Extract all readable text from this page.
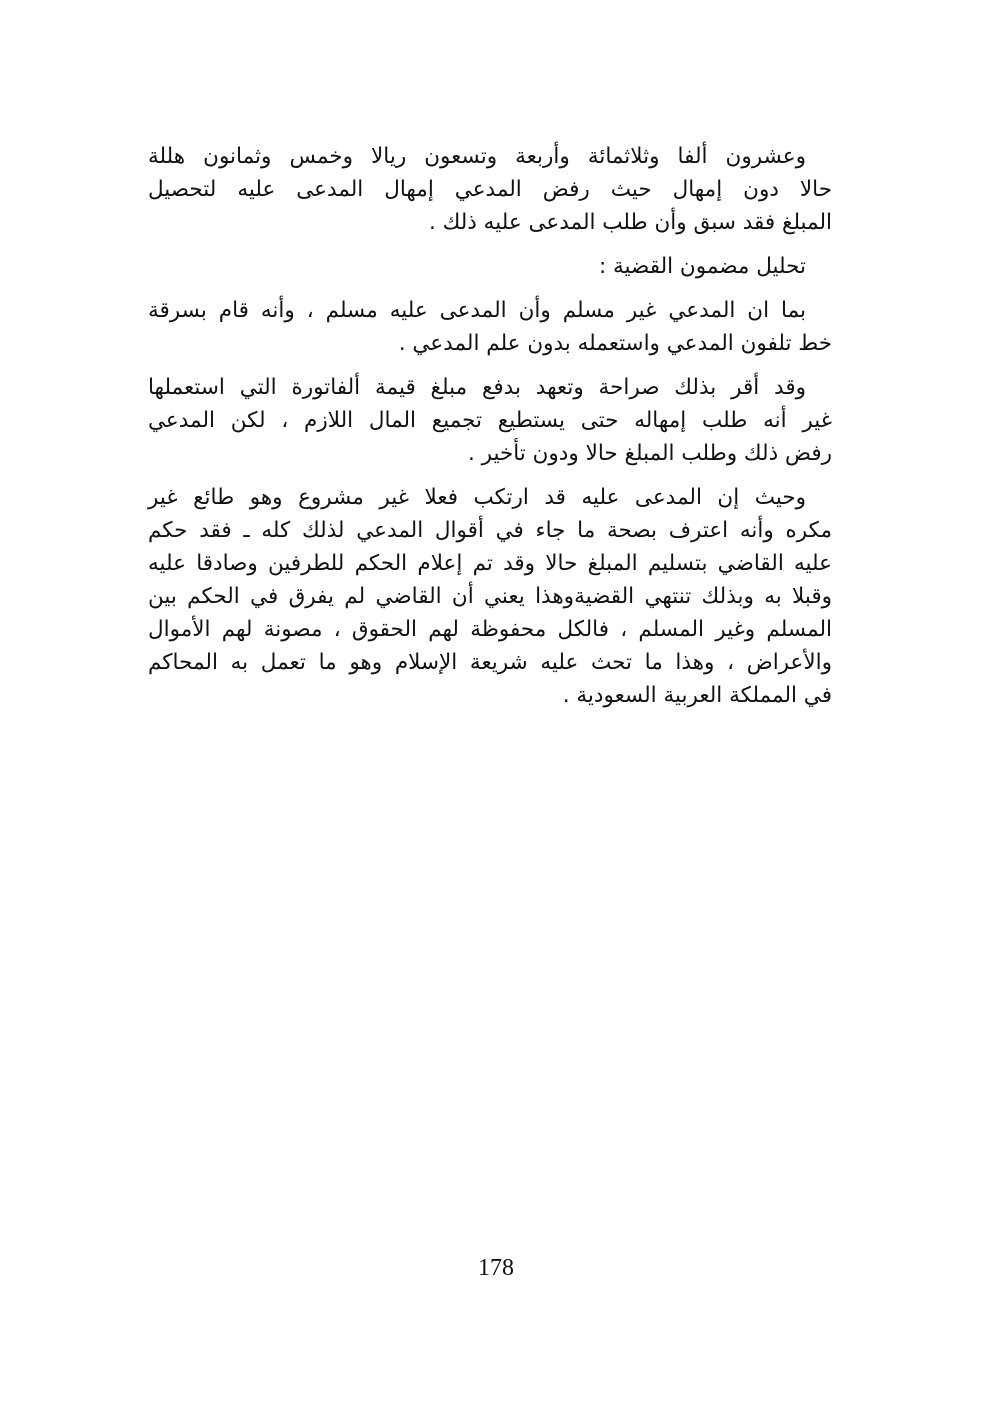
وعشرون ألفا وثلاثمائة وأربعة وتسعون ريالا وخمس وثمانون هللة
حالا دون إمهال حيث رفض المدعي إمهال المدعى عليه لتحصيل
المبلغ فقد سبق وأن طلب المدعى عليه ذلك .

تحليل مضمون القضية :

بما ان المدعي غير مسلم وأن المدعى عليه مسلم ، وأنه قام بسرقة
خط تلفون المدعي واستعمله بدون علم المدعي .

وقد أقر بذلك صراحة وتعهد بدفع مبلغ قيمة ألفاتورة التي استعملها
غير أنه طلب إمهاله حتى يستطيع تجميع المال اللازم ، لكن المدعي
رفض ذلك وطلب المبلغ حالا ودون تأخير .

وحيث إن المدعى عليه قد ارتكب فعلا غير مشروع وهو طائع غير
مكره وأنه اعترف بصحة ما جاء في أقوال المدعي لذلك كله ـ فقد حكم
عليه القاضي بتسليم المبلغ حالا وقد تم إعلام الحكم للطرفين وصادقا عليه
وقبلا به وبذلك تنتهي القضيةوهذا يعني أن القاضي لم يفرق في الحكم بين
المسلم وغير المسلم ، فالكل محفوظة لهم الحقوق ، مصونة لهم الأموال
والأعراض ، وهذا ما تحث عليه شريعة الإسلام وهو ما تعمل به المحاكم
في المملكة العربية السعودية .

178
